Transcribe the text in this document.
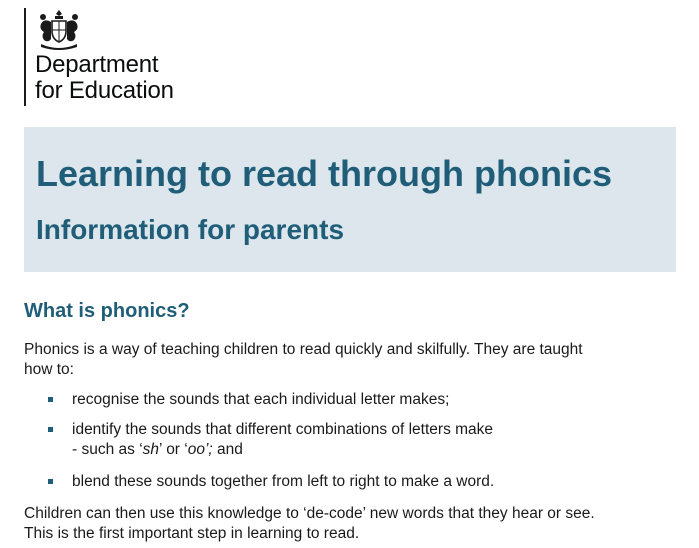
Department
for Education
Learning to read through phonics
Information for parents
What is phonics?

Phonics is a way of teaching children to read quickly and skilfully. They are taught
how to:

recognise the sounds that each individual letter makes;
identify the sounds that different combinations of letters make
- such as ‘sh’ or ‘oo’; and
blend these sounds together from left to right to make a word.

Children can then use this knowledge to ‘de-code’ new words that they hear or see.
This is the first important step in learning to read.
